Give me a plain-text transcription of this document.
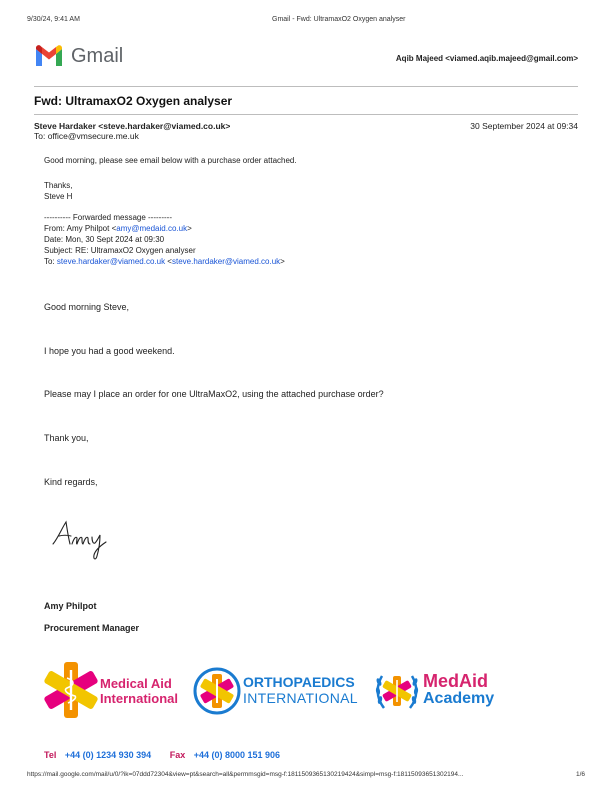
9/30/24, 9:41 AM	Gmail - Fwd: UltramaxO2 Oxygen analyser
Gmail	Aqib Majeed <viamed.aqib.majeed@gmail.com>
Fwd: UltramaxO2 Oxygen analyser
Steve Hardaker <steve.hardaker@viamed.co.uk>	30 September 2024 at 09:34
To: office@vmsecure.me.uk
Good morning, please see email below with a purchase order attached.
Thanks,
Steve H
---------- Forwarded message ---------
From: Amy Philpot <amy@medaid.co.uk>
Date: Mon, 30 Sept 2024 at 09:30
Subject: RE: UltramaxO2 Oxygen analyser
To: steve.hardaker@viamed.co.uk <steve.hardaker@viamed.co.uk>
Good morning Steve,
I hope you had a good weekend.
Please may I place an order for one UltraMaxO2, using the attached purchase order?
Thank you,
Kind regards,
Amy Philpot
Procurement Manager
Medical Aid
International
ORTHOPAEDICS
INTERNATIONAL
MedAid
Academy
Tel +44 (0) 1234 930 394 Fax +44 (0) 8000 151 906
https://mail.google.com/mail/u/0/?ik=07ddd72304&view=pt&search=all&permmsgid=msg-f:1811509365130219424&simpl=msg-f:18115093651302194...	1/6
